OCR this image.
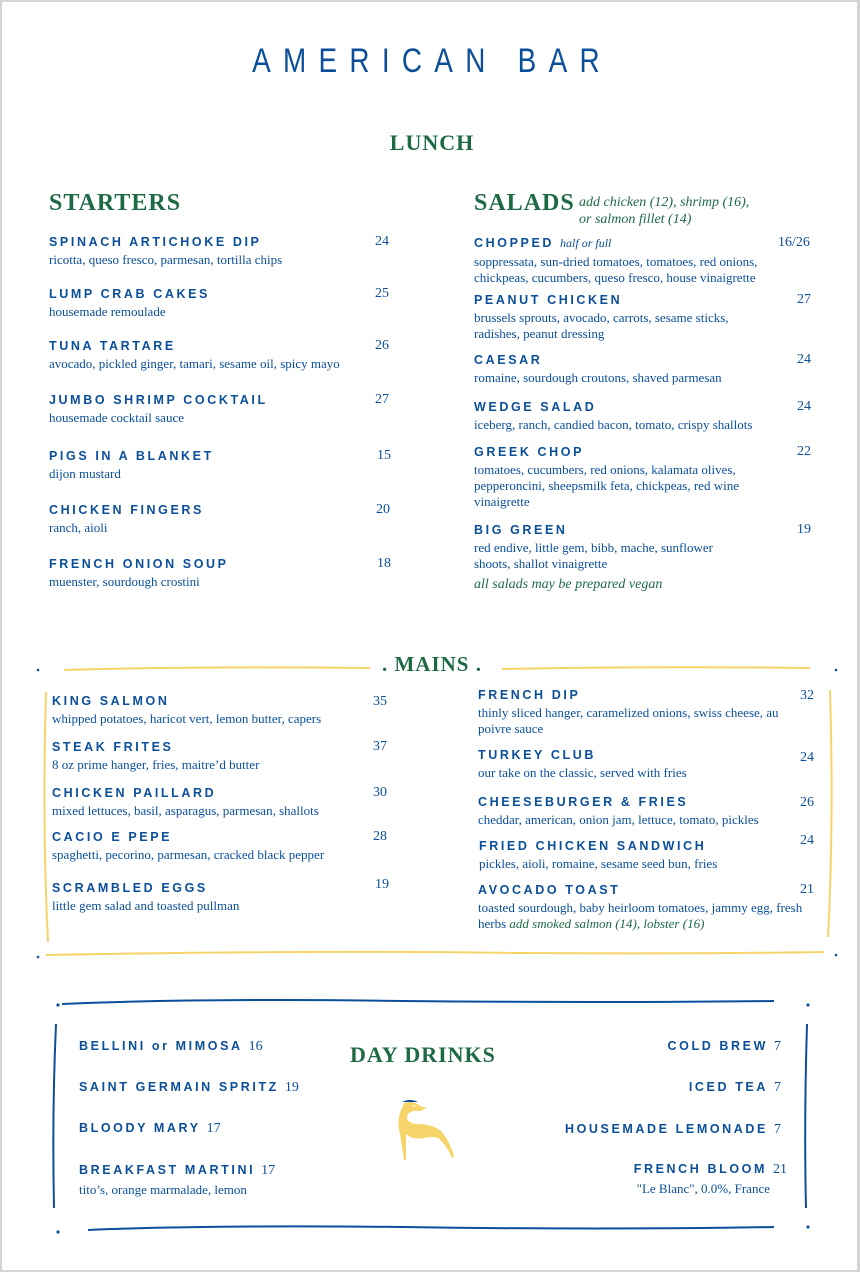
AMERICAN BAR
LUNCH
STARTERS
SPINACH ARTICHOKE DIP
ricotta, queso fresco, parmesan, tortilla chips
24
LUMP CRAB CAKES
housemade remoulade
25
TUNA TARTARE
avocado, pickled ginger, tamari, sesame oil, spicy mayo
26
JUMBO SHRIMP COCKTAIL
housemade cocktail sauce
27
PIGS IN A BLANKET
dijon mustard
15
CHICKEN FINGERS
ranch, aioli
20
FRENCH ONION SOUP
muenster, sourdough crostini
18
SALADS add chicken (12), shrimp (16),
or salmon fillet (14)
CHOPPED half or full
soppressata, sun-dried tomatoes, tomatoes, red onions, chickpeas, cucumbers, queso fresco, house vinaigrette
16/26
PEANUT CHICKEN
brussels sprouts, avocado, carrots, sesame sticks, radishes, peanut dressing
27
CAESAR
romaine, sourdough croutons, shaved parmesan
24
WEDGE SALAD
iceberg, ranch, candied bacon, tomato, crispy shallots
24
GREEK CHOP
tomatoes, cucumbers, red onions, kalamata olives, pepperoncini, sheepsmilk feta, chickpeas, red wine vinaigrette
22
BIG GREEN
red endive, little gem, bibb, mache, sunflower shoots, shallot vinaigrette
19
all salads may be prepared vegan
. MAINS .
KING SALMON
whipped potatoes, haricot vert, lemon butter, capers
35
STEAK FRITES
8 oz prime hanger, fries, maitre’d butter
37
CHICKEN PAILLARD
mixed lettuces, basil, asparagus, parmesan, shallots
30
CACIO E PEPE
spaghetti, pecorino, parmesan, cracked black pepper
28
SCRAMBLED EGGS
little gem salad and toasted pullman
19
FRENCH DIP
thinly sliced hanger, caramelized onions, swiss cheese, au poivre sauce
32
TURKEY CLUB
our take on the classic, served with fries
24
CHEESEBURGER & FRIES
cheddar, american, onion jam, lettuce, tomato, pickles
26
FRIED CHICKEN SANDWICH
pickles, aioli, romaine, sesame seed bun, fries
24
AVOCADO TOAST
toasted sourdough, baby heirloom tomatoes, jammy egg, fresh herbs add smoked salmon (14), lobster (16)
21
DAY DRINKS
BELLINI or MIMOSA 16
SAINT GERMAIN SPRITZ 19
BLOODY MARY 17
BREAKFAST MARTINI 17
tito’s, orange marmalade, lemon
COLD BREW 7
ICED TEA 7
HOUSEMADE LEMONADE 7
FRENCH BLOOM 21
"Le Blanc", 0.0%, France
